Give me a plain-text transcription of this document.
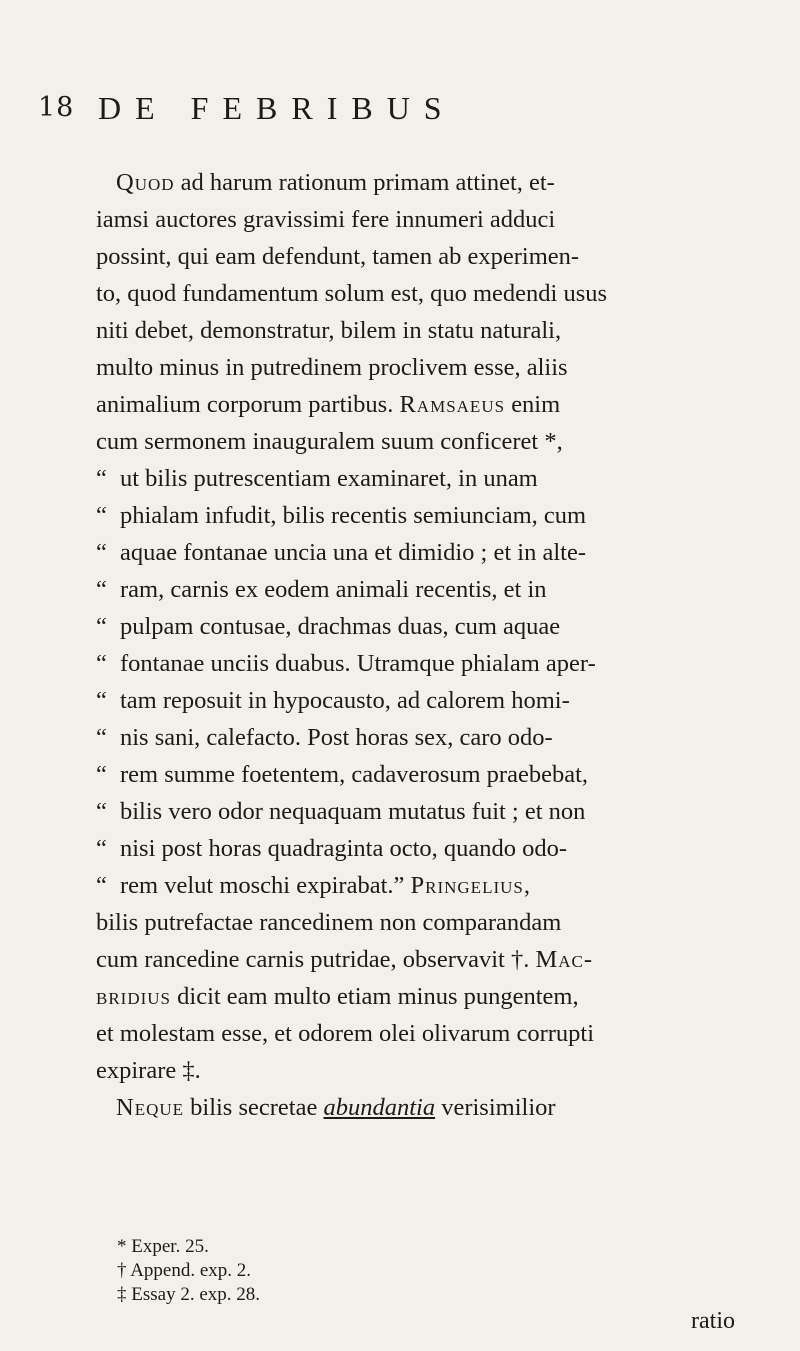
18 DE FEBRIBUS
Quod ad harum rationum primam attinet, et-
iamsi auctores gravissimi fere innumeri adduci
possint, qui eam defendunt, tamen ab experimen-
to, quod fundamentum solum est, quo medendi usus
niti debet, demonstratur, bilem in statu naturali,
multo minus in putredinem proclivem esse, aliis
animalium corporum partibus. Ramsaeus enim
cum sermonem inauguralem suum conficeret *,
“ ut bilis putrescentiam examinaret, in unam
“ phialam infudit, bilis recentis semiunciam, cum
“ aquae fontanae uncia una et dimidio ; et in alte-
“ ram, carnis ex eodem animali recentis, et in
“ pulpam contusae, drachmas duas, cum aquae
“ fontanae unciis duabus. Utramque phialam aper-
“ tam reposuit in hypocausto, ad calorem homi-
“ nis sani, calefacto. Post horas sex, caro odo-
“ rem summe foetentem, cadaverosum praebebat,
“ bilis vero odor nequaquam mutatus fuit ; et non
“ nisi post horas quadraginta octo, quando odo-
“ rem velut moschi expirabat.” Pringelius,
bilis putrefactae rancedinem non comparandam
cum rancedine carnis putridae, observavit †. Mac-
bridius dicit eam multo etiam minus pungentem,
et molestam esse, et odorem olei olivarum corrupti
expirare ‡.
Neque bilis secretae abundantia verisimilior
* Exper. 25.
† Append. exp. 2.
‡ Essay 2. exp. 28.
ratio
